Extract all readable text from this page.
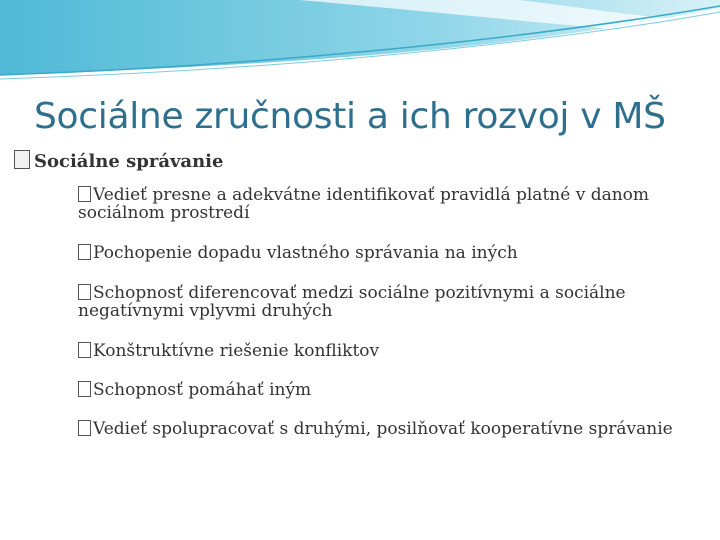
Sociálne zručnosti a ich rozvoj v MŠ
Sociálne správanie
Vedieť presne a adekvátne identifikovať pravidlá platné v danom sociálnom prostredí
Pochopenie dopadu vlastného správania na iných
Schopnosť diferencovať medzi sociálne pozitívnymi a sociálne negatívnymi vplyvmi druhých
Konštruktívne riešenie konfliktov
Schopnosť pomáhať iným
Vedieť spolupracovať s druhými, posilňovať kooperatívne správanie
